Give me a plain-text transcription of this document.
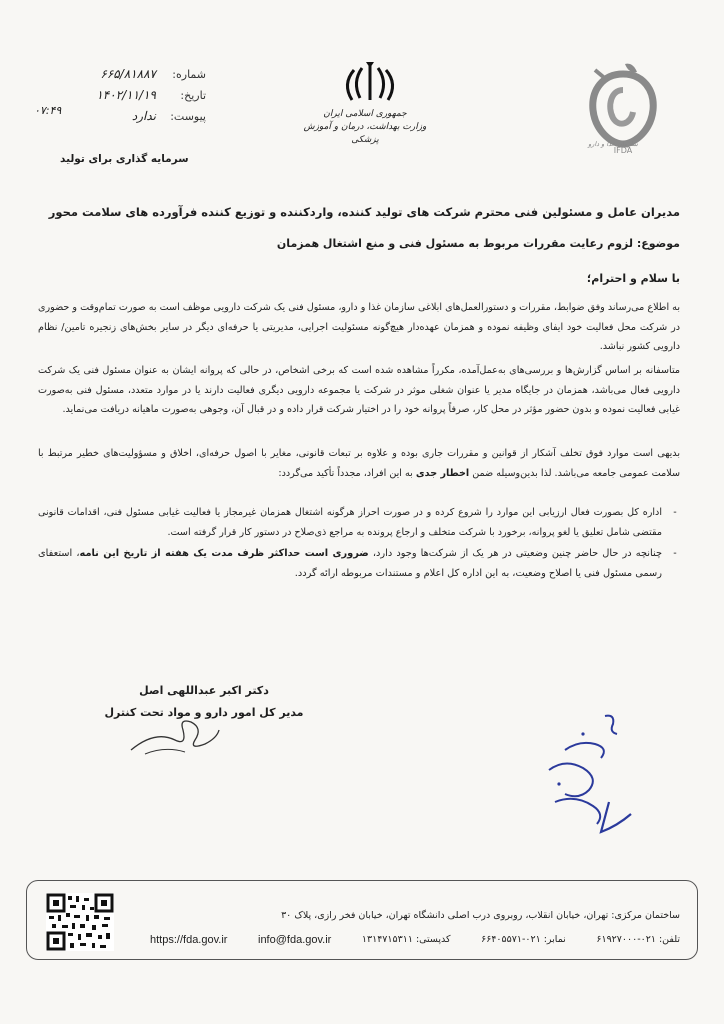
شماره:
۶۶۵/۸۱۸۸۷
تاریخ:
۱۴۰۲/۱۱/۱۹
پیوست:
ندارد
۰۷:۴۹
سرمایه گذاری برای تولید
جمهوری اسلامی ایران
وزارت بهداشت، درمان و آموزش پزشکی
IFDA
سازمان غذا و دارو
مدیران عامل و مسئولین فنی محترم شرکت های تولید کننده، واردکننده و توزیع کننده فرآورده های سلامت محور
موضوع: لزوم رعایت مقررات مربوط به مسئول فنی و منع اشتغال همزمان
با سلام و احترام؛
به اطلاع می‌رساند وفق ضوابط، مقررات و دستورالعمل‌های ابلاغی سازمان غذا و دارو، مسئول فنی یک شرکت دارویی موظف است به صورت تمام‌وقت و حضوری در شرکت محل فعالیت خود ایفای وظیفه نموده و همزمان عهده‌دار هیچ‌گونه مسئولیت اجرایی، مدیریتی یا حرفه‌ای دیگر در سایر بخش‌های زنجیره تامین/ نظام دارویی کشور نباشد.
متاسفانه بر اساس گزارش‌ها و بررسی‌های به‌عمل‌آمده، مکرراً مشاهده شده است که برخی اشخاص، در حالی که پروانه ایشان به عنوان مسئول فنی یک شرکت دارویی فعال می‌باشد، همزمان در جایگاه مدیر یا عنوان شغلی موثر در شرکت یا مجموعه دارویی دیگری فعالیت دارند یا در موارد متعدد، مسئول فنی به‌صورت غیابی فعالیت نموده و بدون حضور مؤثر در محل کار، صرفاً پروانه خود را در اختیار شرکت قرار داده و در قبال آن، وجوهی به‌صورت ماهیانه دریافت می‌نماید.
بدیهی است موارد فوق تخلف آشکار از قوانین و مقررات جاری بوده و علاوه بر تبعات قانونی، مغایر با اصول حرفه‌ای، اخلاق و مسؤولیت‌های خطیر مرتبط با سلامت عمومی جامعه می‌باشد. لذا بدین‌وسیله ضمن اخطار جدی به این افراد، مجدداً تأکید می‌گردد:
-
اداره کل بصورت فعال ارزیابی این موارد را شروع کرده و در صورت احراز هرگونه اشتغال همزمان غیرمجاز یا فعالیت غیابی مسئول فنی، اقدامات قانونی مقتضی شامل تعلیق یا لغو پروانه، برخورد با شرکت متخلف و ارجاع پرونده به مراجع ذی‌صلاح در دستور کار قرار گرفته است.
-
چنانچه در حال حاضر چنین وضعیتی در هر یک از شرکت‌ها وجود دارد، ضروری است حداکثر ظرف مدت یک هفته از تاریخ این نامه، استعفای رسمی مسئول فنی یا اصلاح وضعیت، به این اداره کل اعلام و مستندات مربوطه ارائه گردد.
دکتر اکبر عبداللهی اصل
مدیر کل امور دارو و مواد تحت کنترل
ساختمان مرکزی: تهران، خیابان انقلاب، روبروی درب اصلی دانشگاه تهران، خیابان فخر رازی، پلاک ۳۰
https://fda.gov.ir	info@fda.gov.ir	کدپستی: ۱۳۱۴۷۱۵۳۱۱	نمابر: ۰۲۱-۶۶۴۰۵۵۷۱	تلفن: ۰۲۱-۶۱۹۲۷۰۰۰
